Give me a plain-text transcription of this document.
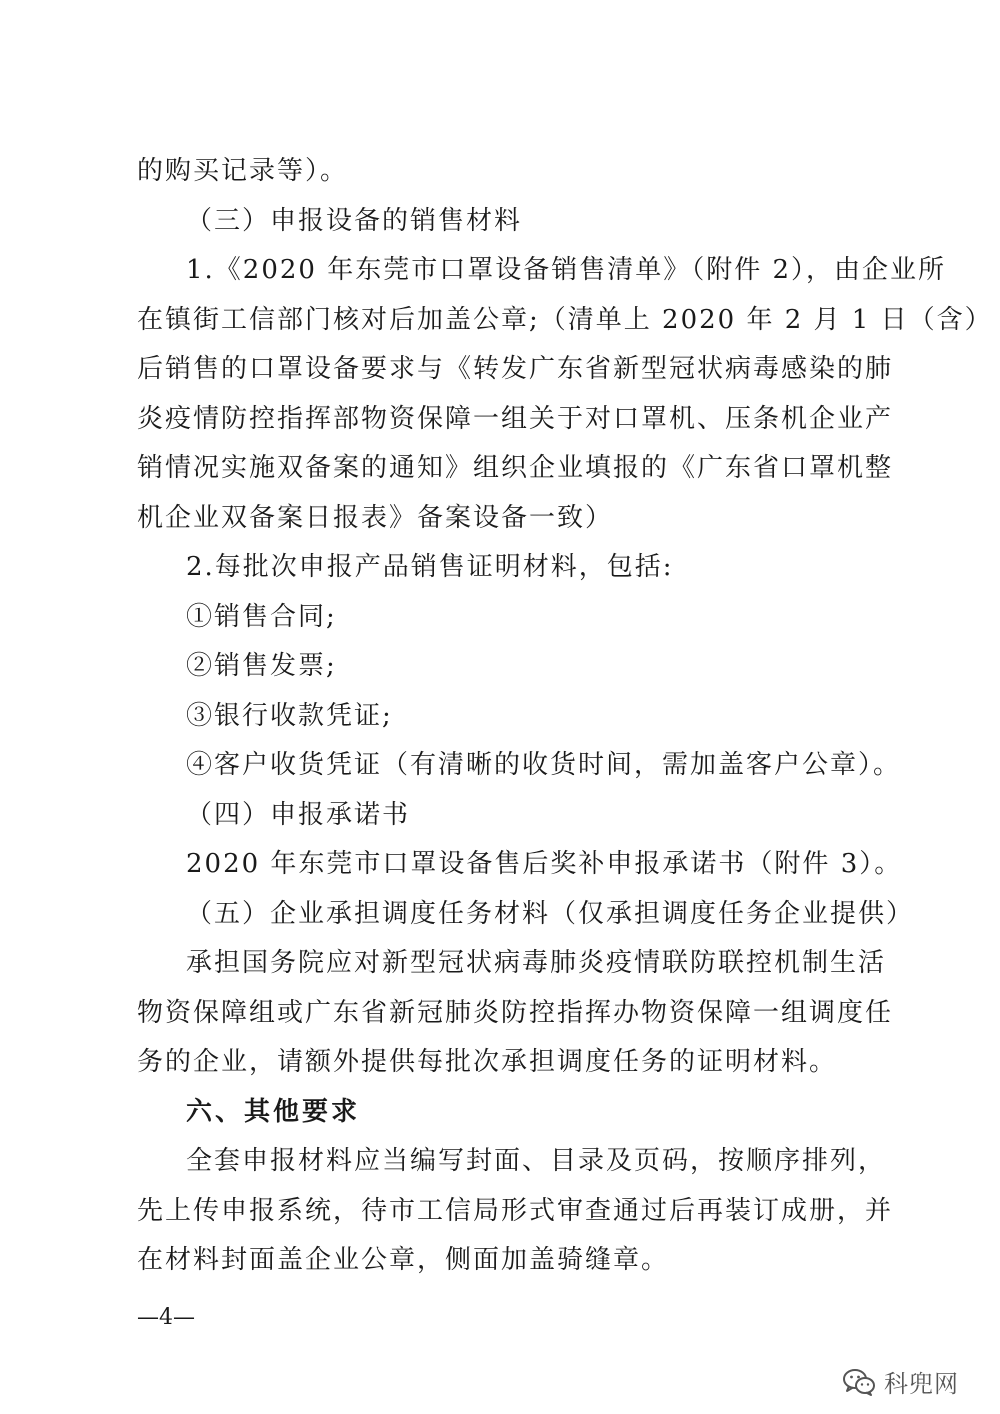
的购买记录等）。
（三）申报设备的销售材料
1.《2020 年东莞市口罩设备销售清单》（附件 2），由企业所
在镇街工信部门核对后加盖公章;（清单上 2020 年 2 月 1 日（含）
后销售的口罩设备要求与《转发广东省新型冠状病毒感染的肺
炎疫情防控指挥部物资保障一组关于对口罩机、压条机企业产
销情况实施双备案的通知》组织企业填报的《广东省口罩机整
机企业双备案日报表》备案设备一致）
2.每批次申报产品销售证明材料，包括:
①销售合同;
②销售发票;
③银行收款凭证;
④客户收货凭证（有清晰的收货时间，需加盖客户公章）。
（四）申报承诺书
2020 年东莞市口罩设备售后奖补申报承诺书（附件 3）。
（五）企业承担调度任务材料（仅承担调度任务企业提供）
承担国务院应对新型冠状病毒肺炎疫情联防联控机制生活
物资保障组或广东省新冠肺炎防控指挥办物资保障一组调度任
务的企业，请额外提供每批次承担调度任务的证明材料。
六、其他要求
全套申报材料应当编写封面、目录及页码，按顺序排列，
先上传申报系统，待市工信局形式审查通过后再装订成册，并
在材料封面盖企业公章，侧面加盖骑缝章。
—4—
科兜网
